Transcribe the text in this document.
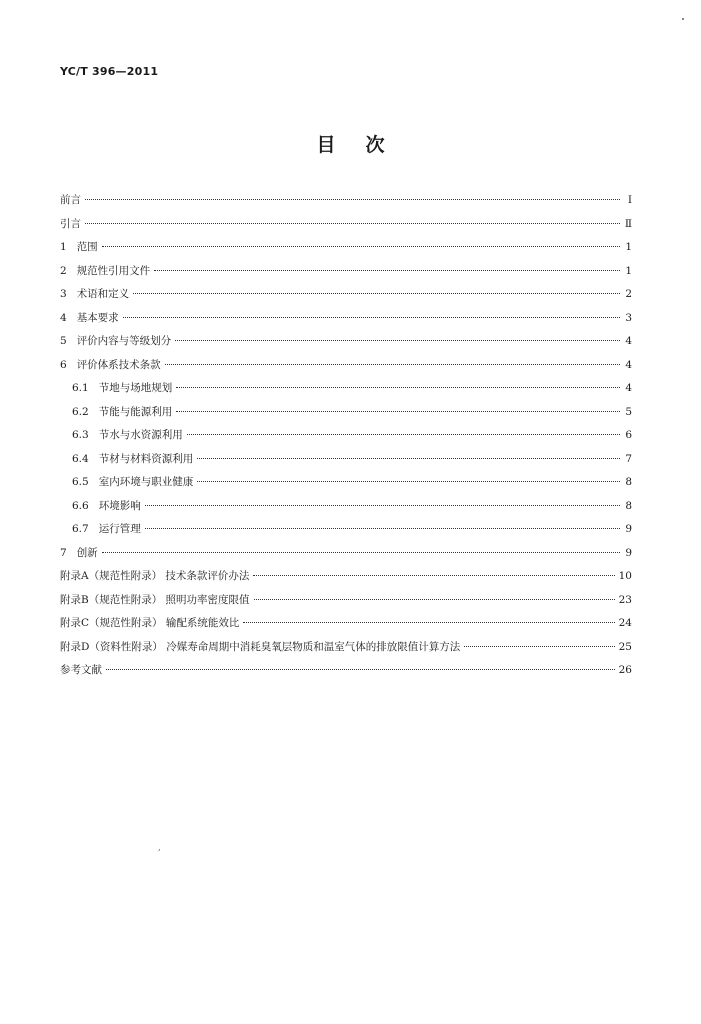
YC/T 396—2011
目 次
前言	Ⅰ
引言	Ⅱ
1 范围	1
2 规范性引用文件	1
3 术语和定义	2
4 基本要求	3
5 评价内容与等级划分	4
6 评价体系技术条款	4
6.1 节地与场地规划	4
6.2 节能与能源利用	5
6.3 节水与水资源利用	6
6.4 节材与材料资源利用	7
6.5 室内环境与职业健康	8
6.6 环境影响	8
6.7 运行管理	9
7 创新	9
附录A（规范性附录） 技术条款评价办法	10
附录B（规范性附录） 照明功率密度限值	23
附录C（规范性附录） 输配系统能效比	24
附录D（资料性附录） 冷媒寿命周期中消耗臭氧层物质和温室气体的排放限值计算方法	25
参考文献	26
,
